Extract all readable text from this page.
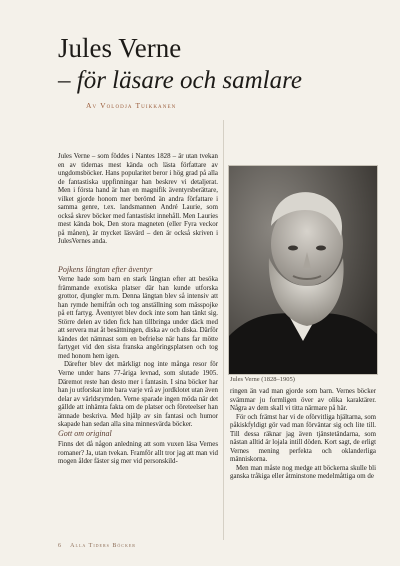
Jules Verne
– för läsare och samlare
Av Volodja Tuikkanen

Jules Verne – som föddes i Nantes 1828 – är utan tvekan en av tidernas mest kända och lästa författare av ungdomsböcker. Hans popularitet beror i hög grad på alla de fantastiska uppfinningar han beskrev vi detaljerat. Men i första hand är han en magnifik äventyrsberättare, vilket gjorde honom mer berömd än andra författare i samma genre, t.ex. landsmannen André Laurie, som också skrev böcker med fantastiskt innehåll. Men Lauries mest kända bok, Den stora magneten (eller Fyra veckor på månen), är mycket läsvärd – den är också skriven i JulesVernes anda.

Pojkens längtan efter äventyr

Verne hade som barn en stark längtan efter att besöka främmande exotiska platser där han kunde utforska grottor, djungler m.m. Denna längtan blev så intensiv att han rymde hemifrån och tog anställning som mässpojke på ett fartyg. Äventyret blev dock inte som han tänkt sig. Större delen av tiden fick han tillbringa under däck med att servera mat åt besättningen, diska av och diska. Därför kändes det nämnast som en befrielse när hans far mötte fartyget vid den sista franska angöringsplatsen och tog med honom hem igen.

Därefter blev det märkligt nog inte många resor för Verne under hans 77-åriga levnad, som slutade 1905. Däremot reste han desto mer i fantasin. I sina böcker har han ju utforskat inte bara varje vrå av jordklotet utan även delar av världsrymden. Verne sparade ingen möda när det gällde att inhämta fakta om de platser och företeelser han ämnade beskriva. Med hjälp av sin fantasi och humor skapade han sedan alla sina minnesvärda böcker.

Gott om original

Finns det då någon anledning att som vuxen läsa Vernes romaner? Ja, utan tvekan. Framför allt tror jag att man vid mogen ålder fäster sig mer vid personskild-

Jules Verne (1828–1905)

ringen än vad man gjorde som barn. Vernes böcker svämmar ju formligen över av olika karaktärer. Några av dem skall vi titta närmare på här.

För och främst har vi de oförvitliga hjältarna, som påkiskfyldigt gör vad man förväntar sig och lite till. Till dessa räknar jag även tjänstetändarna, som nästan alltid är lojala intill döden. Kort sagt, de erligt Vernes mening perfekta och oklanderliga människorna.

Men man måste nog medge att böckerna skulle bli ganska tråkiga eller åtminstone medelmåttiga om de

6 Alla Tiders Böcker
